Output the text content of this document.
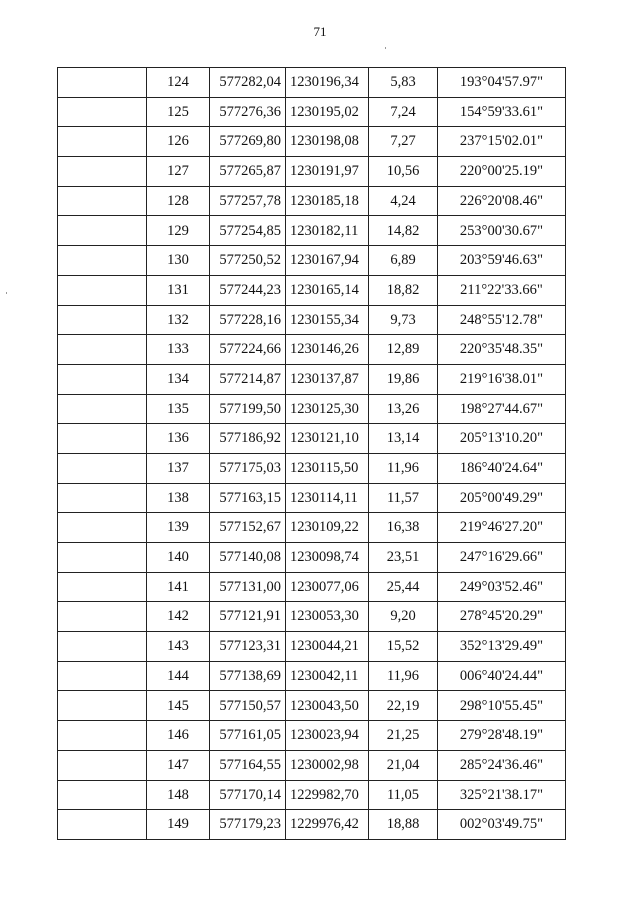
71
	124	577282,04	1230196,34	5,83	193°04'57.97"
	125	577276,36	1230195,02	7,24	154°59'33.61"
	126	577269,80	1230198,08	7,27	237°15'02.01"
	127	577265,87	1230191,97	10,56	220°00'25.19"
	128	577257,78	1230185,18	4,24	226°20'08.46"
	129	577254,85	1230182,11	14,82	253°00'30.67"
	130	577250,52	1230167,94	6,89	203°59'46.63"
	131	577244,23	1230165,14	18,82	211°22'33.66"
	132	577228,16	1230155,34	9,73	248°55'12.78"
	133	577224,66	1230146,26	12,89	220°35'48.35"
	134	577214,87	1230137,87	19,86	219°16'38.01"
	135	577199,50	1230125,30	13,26	198°27'44.67"
	136	577186,92	1230121,10	13,14	205°13'10.20"
	137	577175,03	1230115,50	11,96	186°40'24.64"
	138	577163,15	1230114,11	11,57	205°00'49.29"
	139	577152,67	1230109,22	16,38	219°46'27.20"
	140	577140,08	1230098,74	23,51	247°16'29.66"
	141	577131,00	1230077,06	25,44	249°03'52.46"
	142	577121,91	1230053,30	9,20	278°45'20.29"
	143	577123,31	1230044,21	15,52	352°13'29.49"
	144	577138,69	1230042,11	11,96	006°40'24.44"
	145	577150,57	1230043,50	22,19	298°10'55.45"
	146	577161,05	1230023,94	21,25	279°28'48.19"
	147	577164,55	1230002,98	21,04	285°24'36.46"
	148	577170,14	1229982,70	11,05	325°21'38.17"
	149	577179,23	1229976,42	18,88	002°03'49.75"
